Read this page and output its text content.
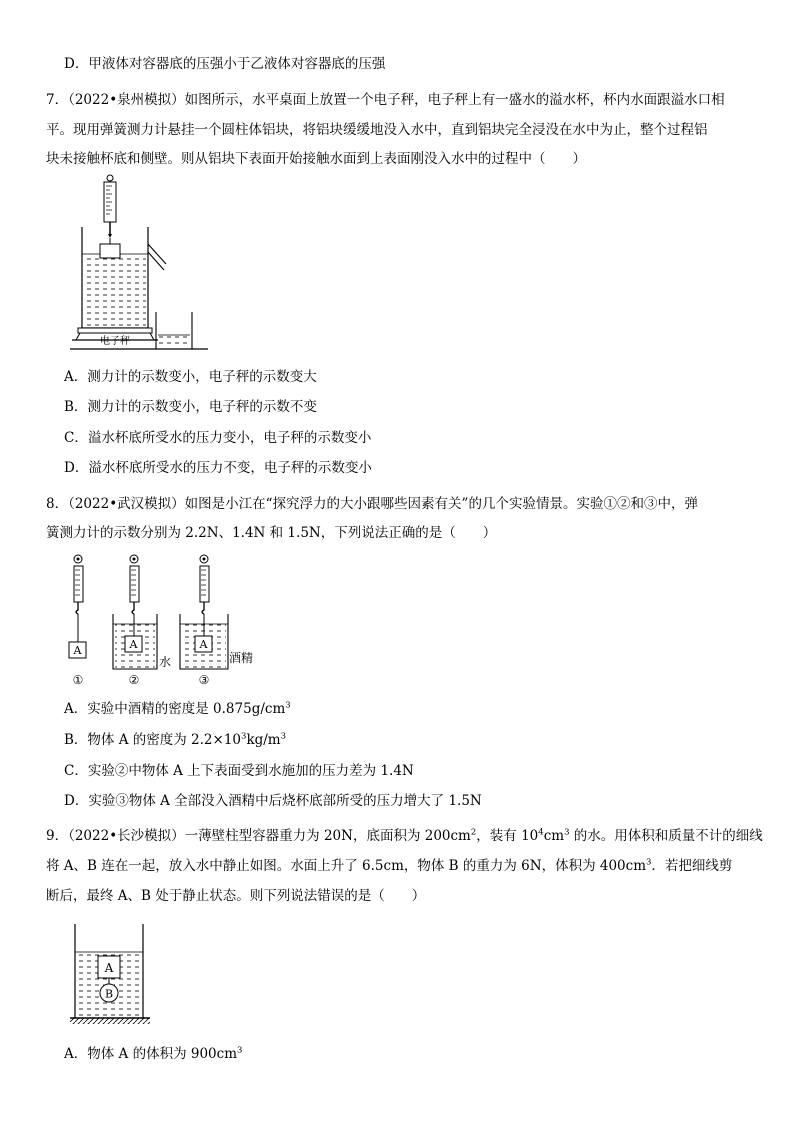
D．甲液体对容器底的压强小于乙液体对容器底的压强
7．（2022•泉州模拟）如图所示，水平桌面上放置一个电子秤，电子秤上有一盛水的溢水杯，杯内水面跟溢水口相
平。现用弹簧测力计悬挂一个圆柱体铝块，将铝块缓缓地没入水中，直到铝块完全浸没在水中为止，整个过程铝
块未接触杯底和侧壁。则从铝块下表面开始接触水面到上表面刚没入水中的过程中（　　）
电子秤
A．测力计的示数变小，电子秤的示数变大
B．测力计的示数变小，电子秤的示数不变
C．溢水杯底所受水的压力变小，电子秤的示数变小
D．溢水杯底所受水的压力不变，电子秤的示数变小
8．（2022•武汉模拟）如图是小江在“探究浮力的大小跟哪些因素有关”的几个实验情景。实验①②和③中，弹
簧测力计的示数分别为 2.2N、1.4N 和 1.5N，下列说法正确的是（　　）
A
①
A
水
②
A
酒精
③
A．实验中酒精的密度是 $0.875g/cm^3$
B．物体 A 的密度为 $2.2\times 10^3kg/m^3$
C．实验②中物体 A 上下表面受到水施加的压力差为 1.4N
D．实验③物体 A 全部没入酒精中后烧杯底部所受的压力增大了 1.5N
9．（2022•长沙模拟）一薄壁柱型容器重力为 20N，底面积为 $200cm^2$，装有 $10^4cm^3$ 的水。用体积和质量不计的细线
将 A、B 连在一起，放入水中静止如图。水面上升了 6.5cm，物体 B 的重力为 6N，体积为 $400cm^3$．若把细线剪
断后，最终 A、B 处于静止状态。则下列说法错误的是（　　）
A
B
A．物体 A 的体积为 $900cm^3$
